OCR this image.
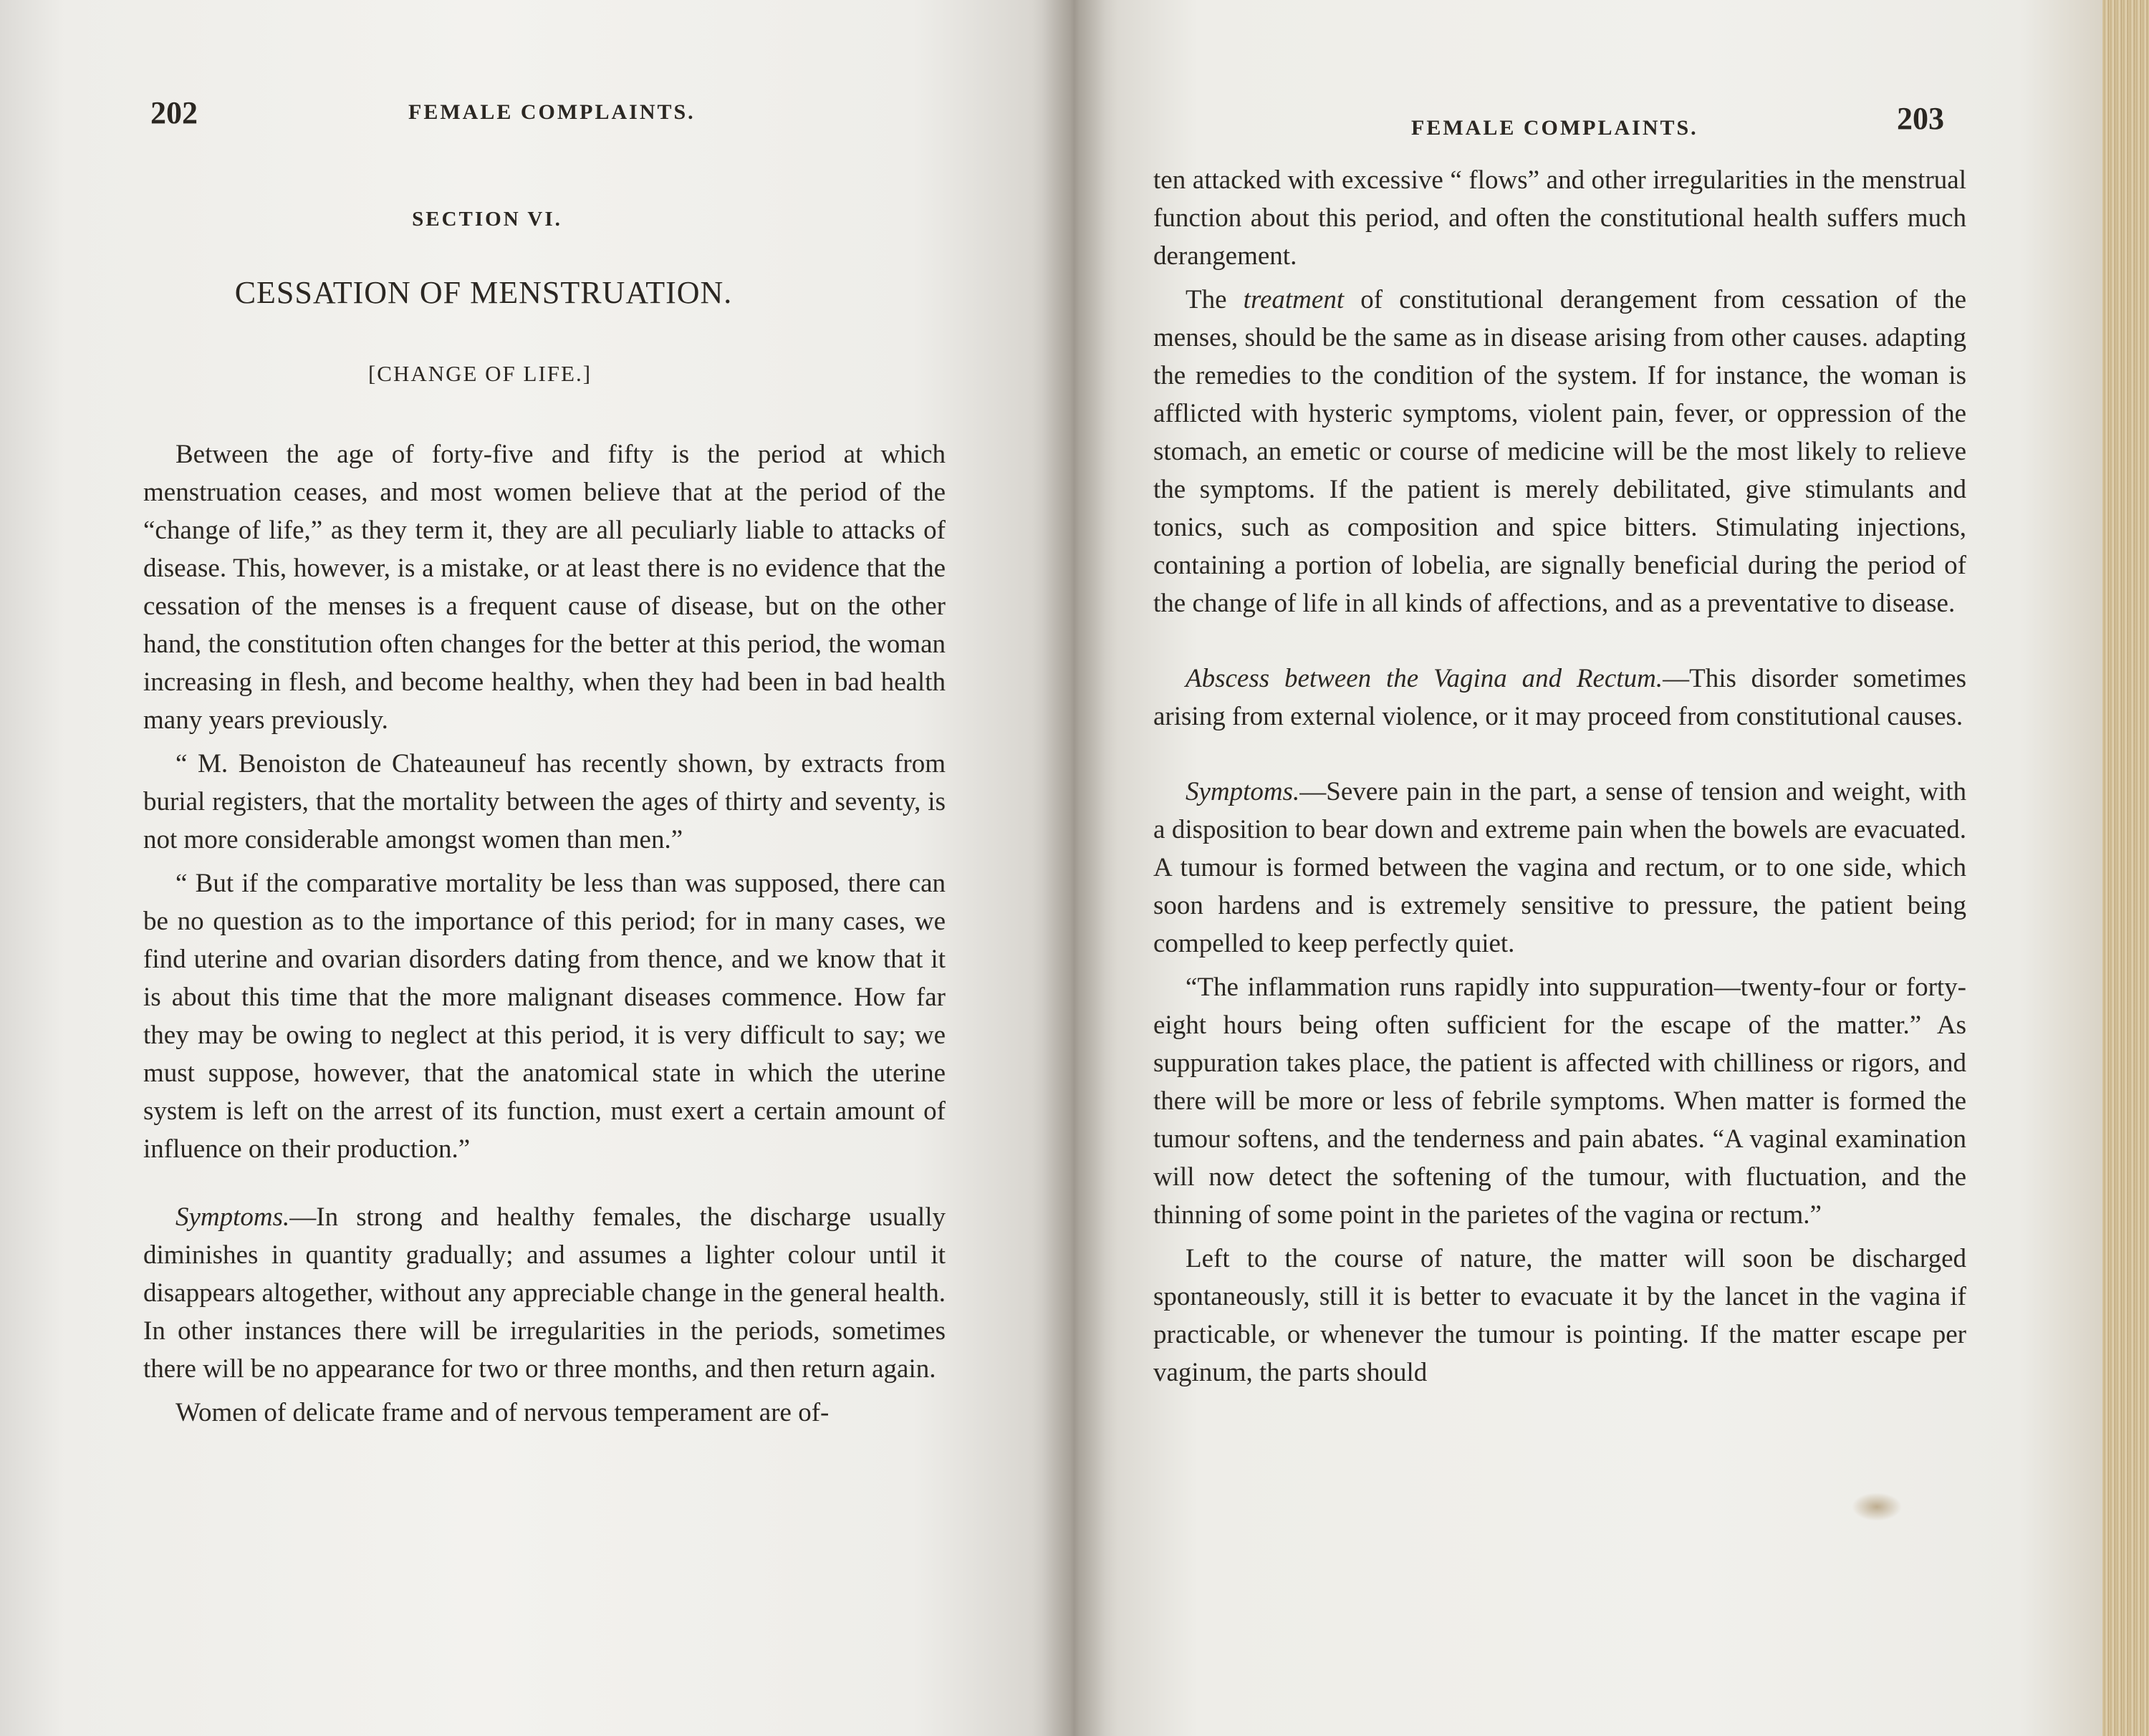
202	FEMALE COMPLAINTS.
SECTION VI.
CESSATION OF MENSTRUATION.
[CHANGE OF LIFE.]

Between the age of forty-five and fifty is the period at which menstruation ceases, and most women believe that at the period of the “change of life,” as they term it, they are all peculiarly liable to attacks of disease. This, however, is a mistake, or at least there is no evidence that the cessation of the menses is a frequent cause of disease, but on the other hand, the constitution often changes for the better at this period, the woman increasing in flesh, and become healthy, when they had been in bad health many years previously.

“ M. Benoiston de Chateauneuf has recently shown, by extracts from burial registers, that the mortality between the ages of thirty and seventy, is not more considerable amongst women than men.”

“ But if the comparative mortality be less than was supposed, there can be no question as to the importance of this period; for in many cases, we find uterine and ovarian disorders dating from thence, and we know that it is about this time that the more malignant diseases commence. How far they may be owing to neglect at this period, it is very difficult to say; we must suppose, however, that the anatomical state in which the uterine system is left on the arrest of its function, must exert a certain amount of influence on their production.”

Symptoms.—In strong and healthy females, the discharge usually diminishes in quantity gradually; and assumes a lighter colour until it disappears altogether, without any appreciable change in the general health. In other instances there will be irregularities in the periods, sometimes there will be no appearance for two or three months, and then return again.

Women of delicate frame and of nervous temperament are of-

FEMALE COMPLAINTS.	203

ten attacked with excessive “ flows” and other irregularities in the menstrual function about this period, and often the constitutional health suffers much derangement.

The treatment of constitutional derangement from cessation of the menses, should be the same as in disease arising from other causes. adapting the remedies to the condition of the system. If for instance, the woman is afflicted with hysteric symptoms, violent pain, fever, or oppression of the stomach, an emetic or course of medicine will be the most likely to relieve the symptoms. If the patient is merely debilitated, give stimulants and tonics, such as composition and spice bitters. Stimulating injections, containing a portion of lobelia, are signally beneficial during the period of the change of life in all kinds of affections, and as a preventative to disease.

Abscess between the Vagina and Rectum.—This disorder sometimes arising from external violence, or it may proceed from constitutional causes.

Symptoms.—Severe pain in the part, a sense of tension and weight, with a disposition to bear down and extreme pain when the bowels are evacuated. A tumour is formed between the vagina and rectum, or to one side, which soon hardens and is extremely sensitive to pressure, the patient being compelled to keep perfectly quiet.

“The inflammation runs rapidly into suppuration—twenty-four or forty-eight hours being often sufficient for the escape of the matter.” As suppuration takes place, the patient is affected with chilliness or rigors, and there will be more or less of febrile symptoms. When matter is formed the tumour softens, and the tenderness and pain abates. “A vaginal examination will now detect the softening of the tumour, with fluctuation, and the thinning of some point in the parietes of the vagina or rectum.”

Left to the course of nature, the matter will soon be discharged spontaneously, still it is better to evacuate it by the lancet in the vagina if practicable, or whenever the tumour is pointing. If the matter escape per vaginum, the parts should
